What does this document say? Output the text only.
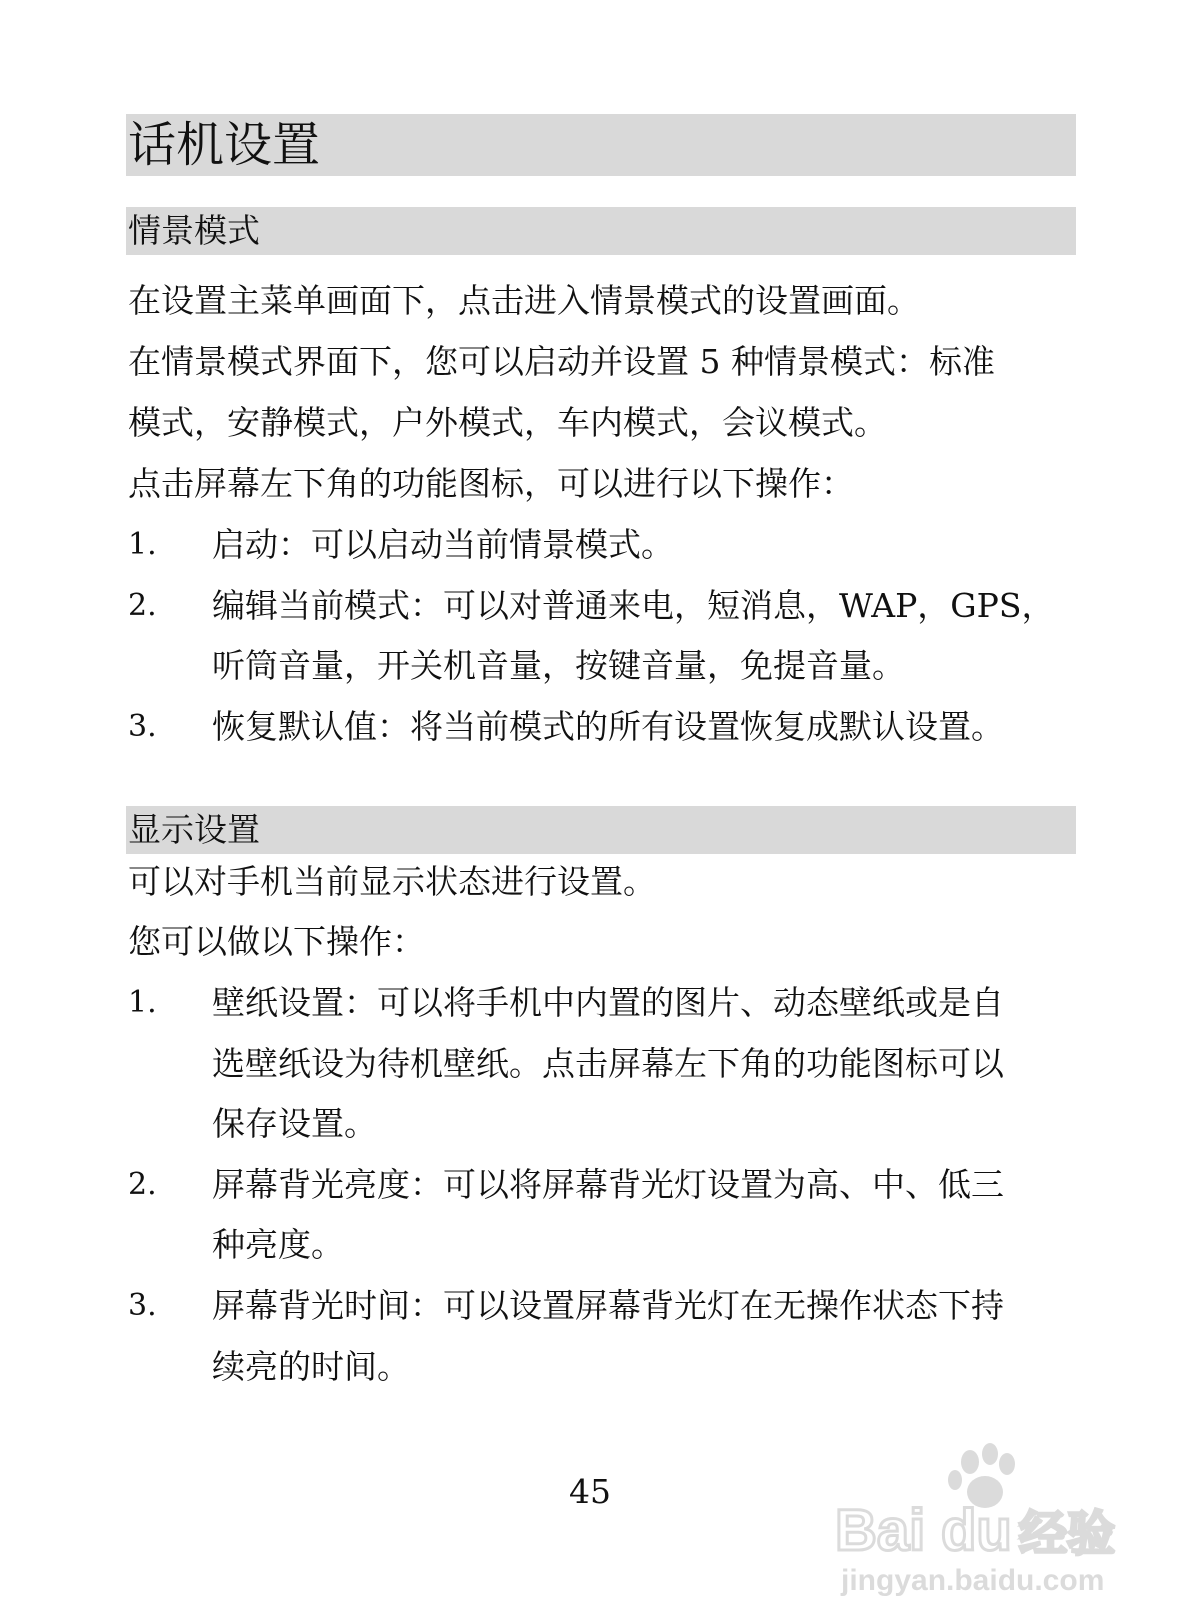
话机设置
情景模式
在设置主菜单画面下，点击进入情景模式的设置画面。
在情景模式界面下，您可以启动并设置 5 种情景模式：标准
模式，安静模式，户外模式，车内模式，会议模式。
点击屏幕左下角的功能图标，可以进行以下操作：
1. 启动：可以启动当前情景模式。
2. 编辑当前模式：可以对普通来电，短消息，WAP，GPS，
听筒音量，开关机音量，按键音量，免提音量。
3. 恢复默认值：将当前模式的所有设置恢复成默认设置。
显示设置
可以对手机当前显示状态进行设置。
您可以做以下操作：
1. 壁纸设置：可以将手机中内置的图片、动态壁纸或是自
选壁纸设为待机壁纸。点击屏幕左下角的功能图标可以
保存设置。
2. 屏幕背光亮度：可以将屏幕背光灯设置为高、中、低三
种亮度。
3. 屏幕背光时间：可以设置屏幕背光灯在无操作状态下持
续亮的时间。
45
Bai du 经验
jingyan.baidu.com
